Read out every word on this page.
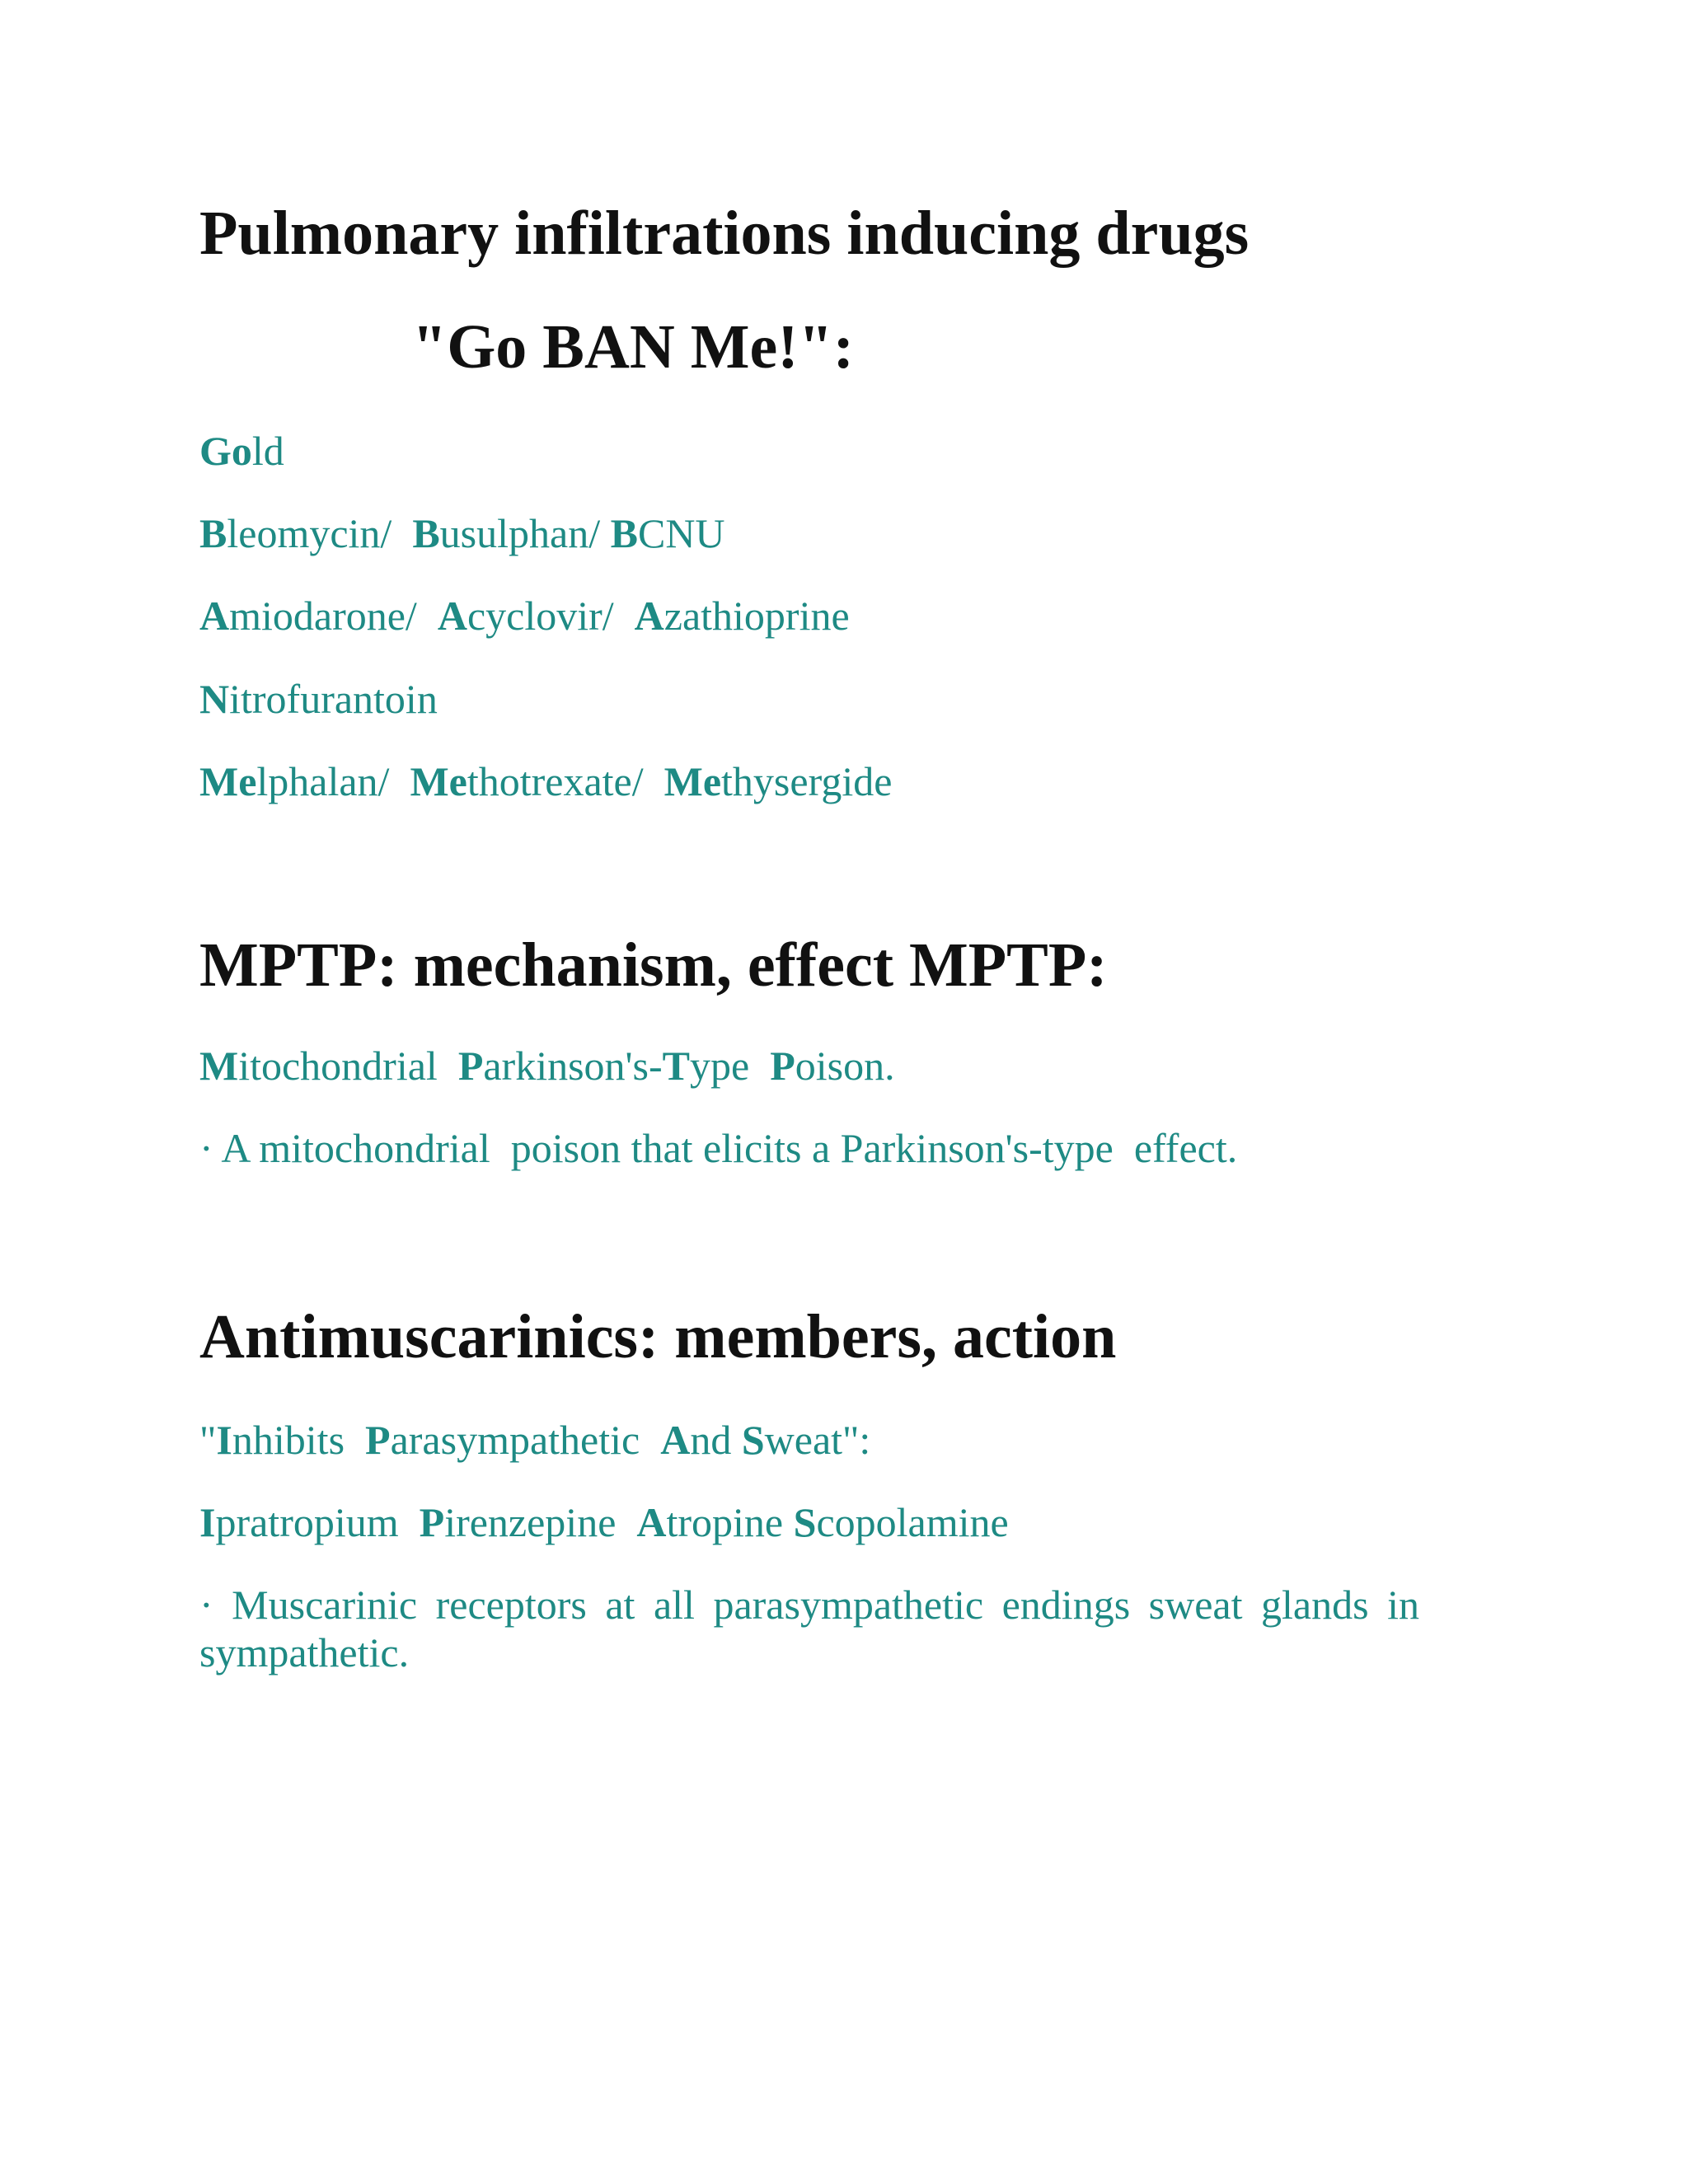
Pulmonary infiltrations inducing drugs
"Go BAN Me!":

Gold

Bleomycin/  Busulphan/ BCNU

Amiodarone/  Acyclovir/  Azathioprine

Nitrofurantoin

Melphalan/  Methotrexate/  Methysergide

MPTP: mechanism, effect MPTP:

Mitochondrial  Parkinson's-Type  Poison.

· A mitochondrial  poison that elicits a Parkinson's-type  effect.

Antimuscarinics: members, action

"Inhibits  Parasympathetic  And Sweat":

Ipratropium  Pirenzepine  Atropine Scopolamine

· Muscarinic receptors at all parasympathetic endings sweat glands in sympathetic.
